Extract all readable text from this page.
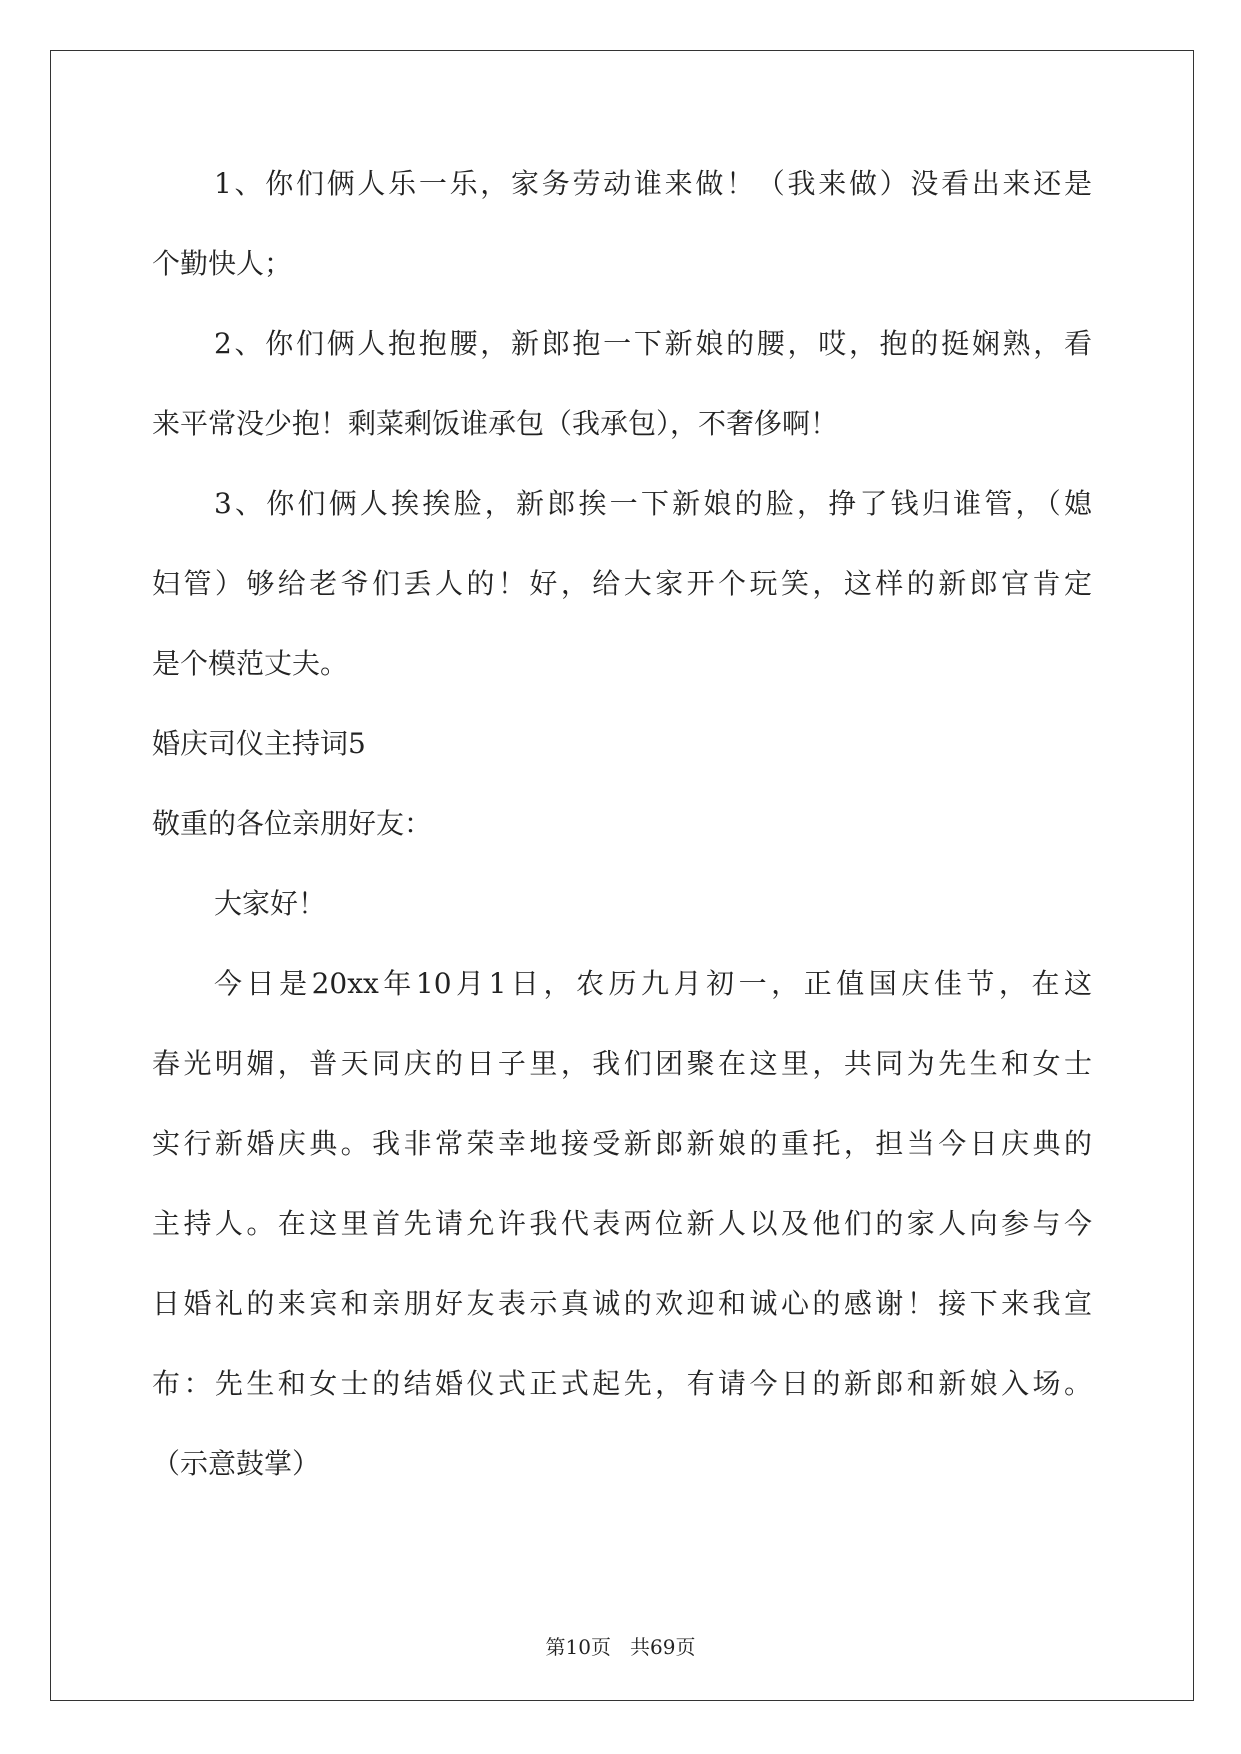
1、你们俩人乐一乐，家务劳动谁来做！（我来做）没看出来还是
个勤快人；
2、你们俩人抱抱腰，新郎抱一下新娘的腰，哎，抱的挺娴熟，看
来平常没少抱！剩菜剩饭谁承包（我承包），不奢侈啊！
3、你们俩人挨挨脸，新郎挨一下新娘的脸，挣了钱归谁管，（媳
妇管）够给老爷们丢人的！好，给大家开个玩笑，这样的新郎官肯定
是个模范丈夫。
婚庆司仪主持词5
敬重的各位亲朋好友：
大家好！
今日是20xx年10月1日，农历九月初一，正值国庆佳节，在这
春光明媚，普天同庆的日子里，我们团聚在这里，共同为先生和女士
实行新婚庆典。我非常荣幸地接受新郎新娘的重托，担当今日庆典的
主持人。在这里首先请允许我代表两位新人以及他们的家人向参与今
日婚礼的来宾和亲朋好友表示真诚的欢迎和诚心的感谢！接下来我宣
布：先生和女士的结婚仪式正式起先，有请今日的新郎和新娘入场。
（示意鼓掌）
第10页   共69页
